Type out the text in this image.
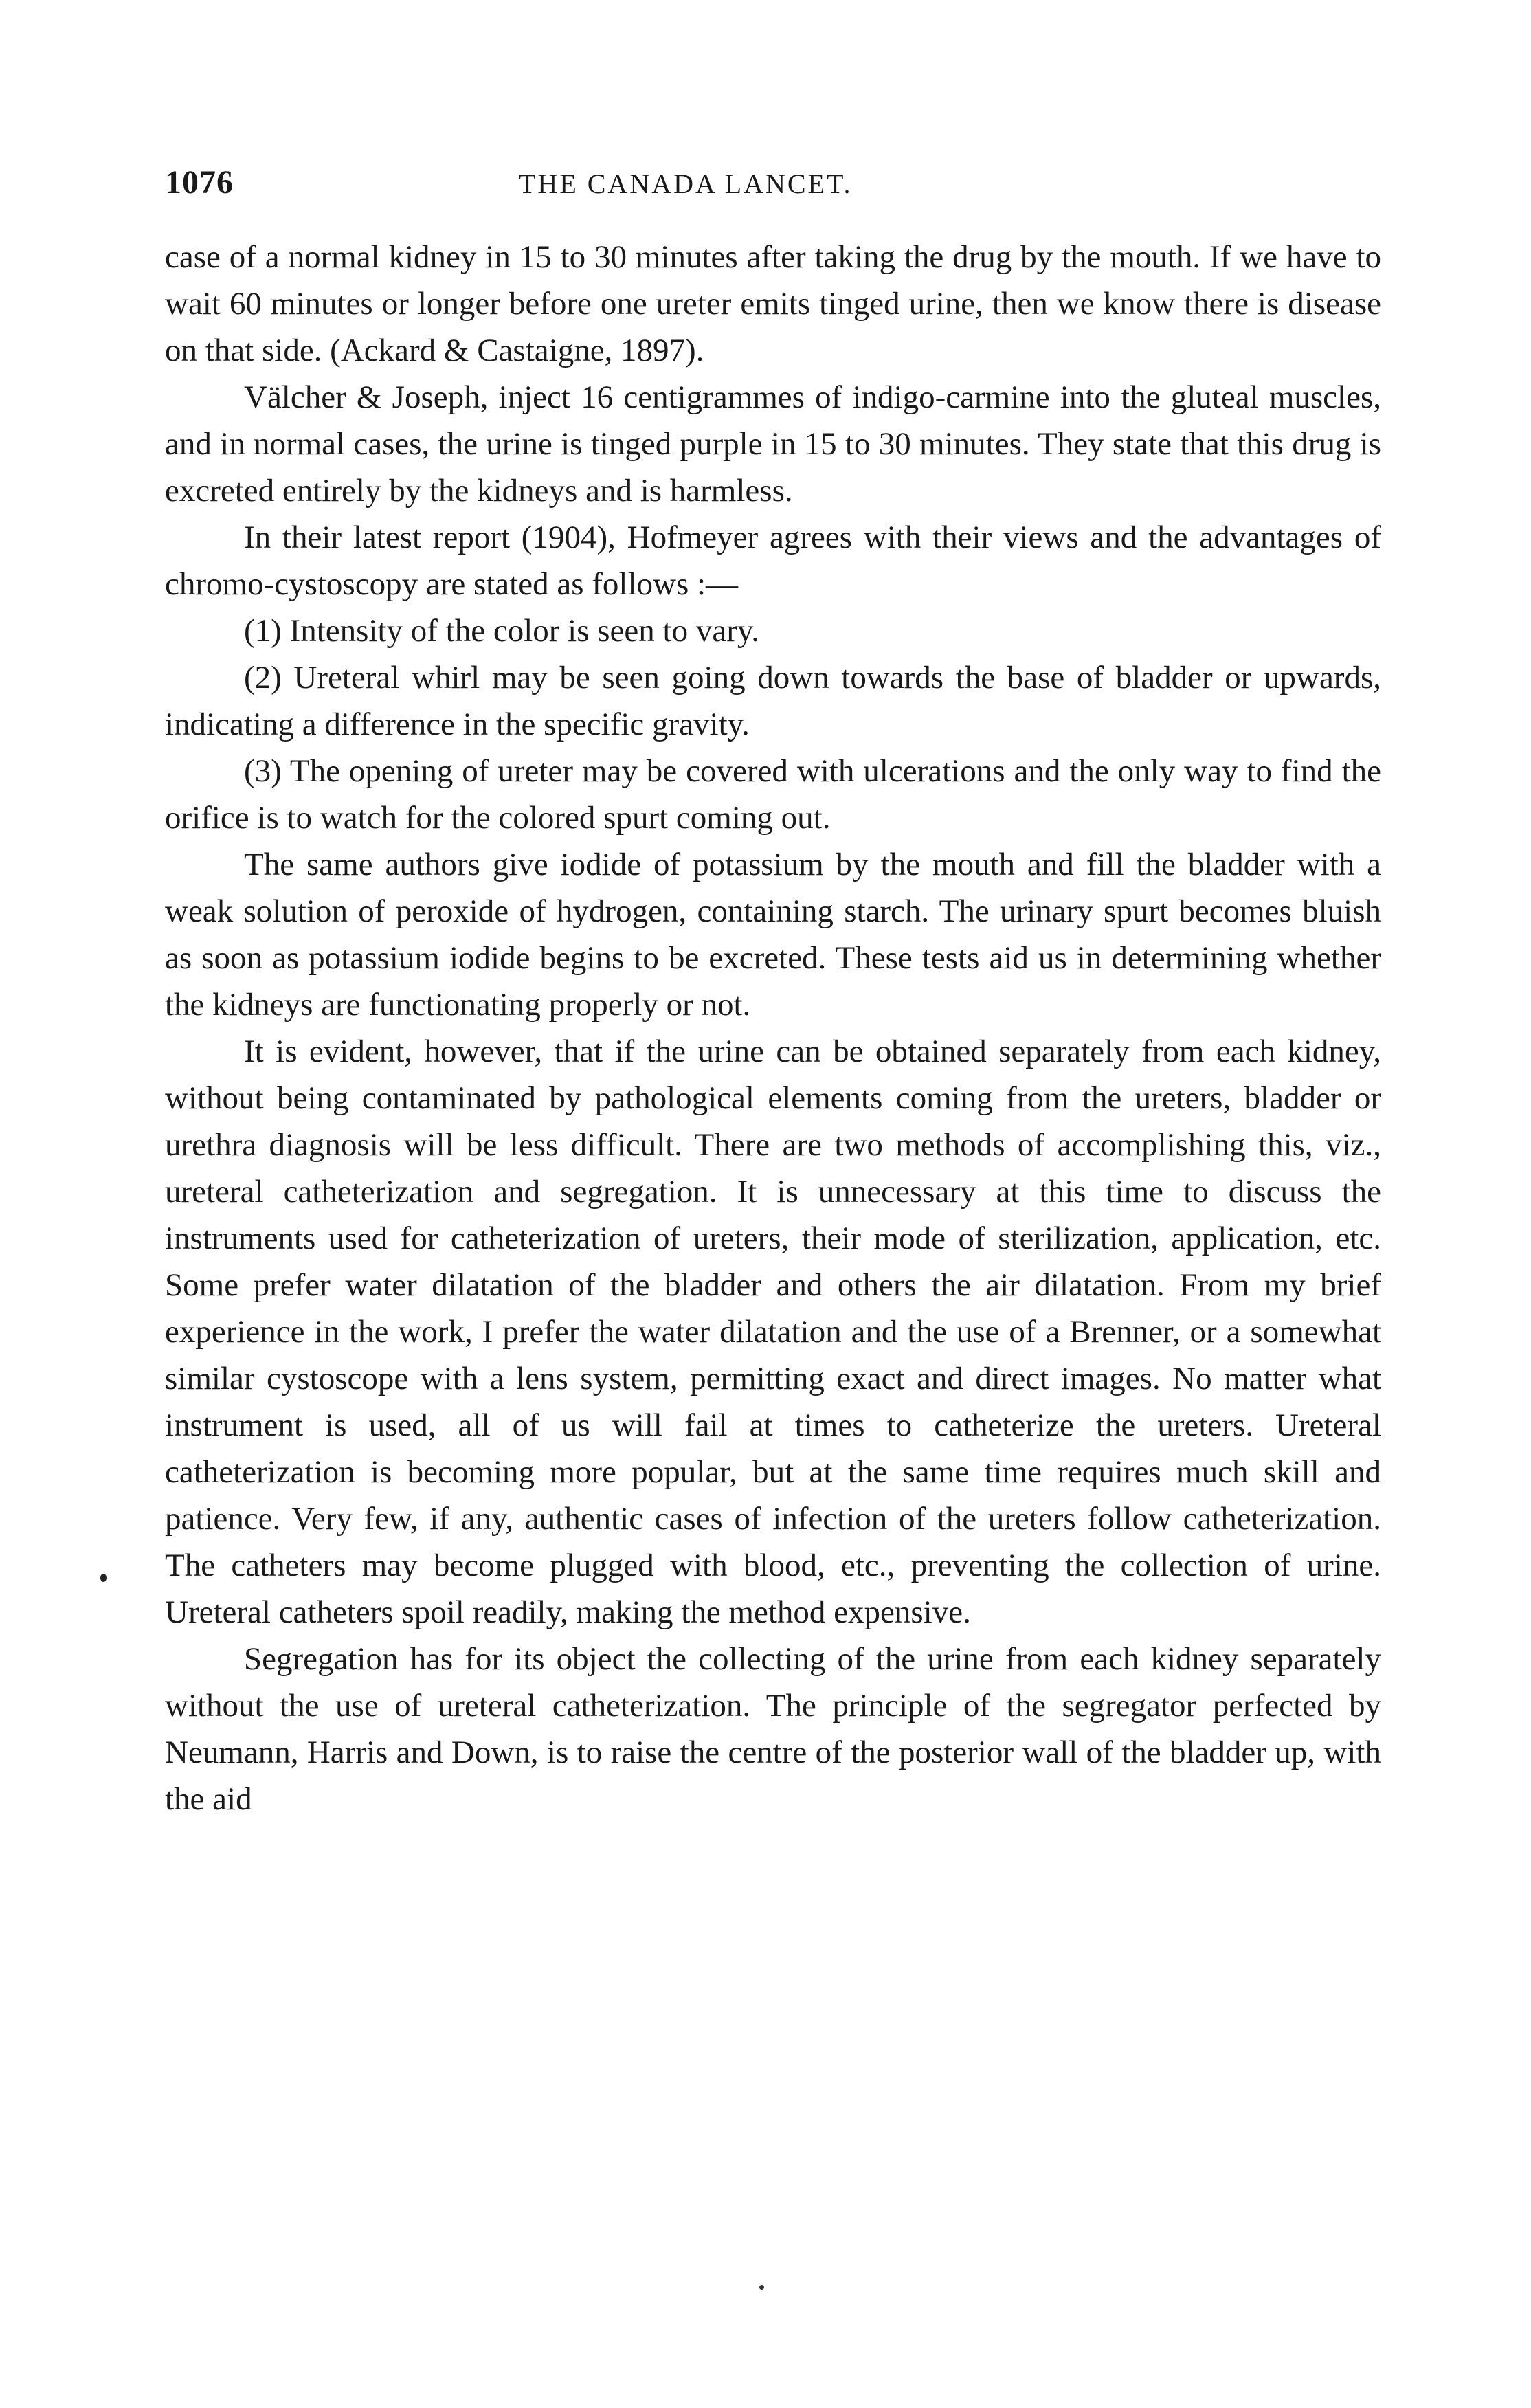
1076	THE CANADA LANCET.

case of a normal kidney in 15 to 30 minutes after taking the drug by the mouth. If we have to wait 60 minutes or longer before one ureter emits tinged urine, then we know there is disease on that side. (Ackard & Castaigne, 1897).

Välcher & Joseph, inject 16 centigrammes of indigo-carmine into the gluteal muscles, and in normal cases, the urine is tinged purple in 15 to 30 minutes. They state that this drug is excreted entirely by the kidneys and is harmless.

In their latest report (1904), Hofmeyer agrees with their views and the advantages of chromo-cystoscopy are stated as follows :—

(1) Intensity of the color is seen to vary.

(2) Ureteral whirl may be seen going down towards the base of bladder or upwards, indicating a difference in the specific gravity.

(3) The opening of ureter may be covered with ulcerations and the only way to find the orifice is to watch for the colored spurt coming out.

The same authors give iodide of potassium by the mouth and fill the bladder with a weak solution of peroxide of hydrogen, containing starch. The urinary spurt becomes bluish as soon as potassium iodide begins to be excreted. These tests aid us in determining whether the kidneys are functionating properly or not.

It is evident, however, that if the urine can be obtained separately from each kidney, without being contaminated by pathological elements coming from the ureters, bladder or urethra diagnosis will be less difficult. There are two methods of accomplishing this, viz., ureteral catheterization and segregation. It is unnecessary at this time to discuss the instruments used for catheterization of ureters, their mode of sterilization, application, etc. Some prefer water dilatation of the bladder and others the air dilatation. From my brief experience in the work, I prefer the water dilatation and the use of a Brenner, or a somewhat similar cystoscope with a lens system, permitting exact and direct images. No matter what instrument is used, all of us will fail at times to catheterize the ureters. Ureteral catheterization is becoming more popular, but at the same time requires much skill and patience. Very few, if any, authentic cases of infection of the ureters follow catheterization. The catheters may become plugged with blood, etc., preventing the collection of urine. Ureteral catheters spoil readily, making the method expensive.

Segregation has for its object the collecting of the urine from each kidney separately without the use of ureteral catheterization. The principle of the segregator perfected by Neumann, Harris and Down, is to raise the centre of the posterior wall of the bladder up, with the aid
